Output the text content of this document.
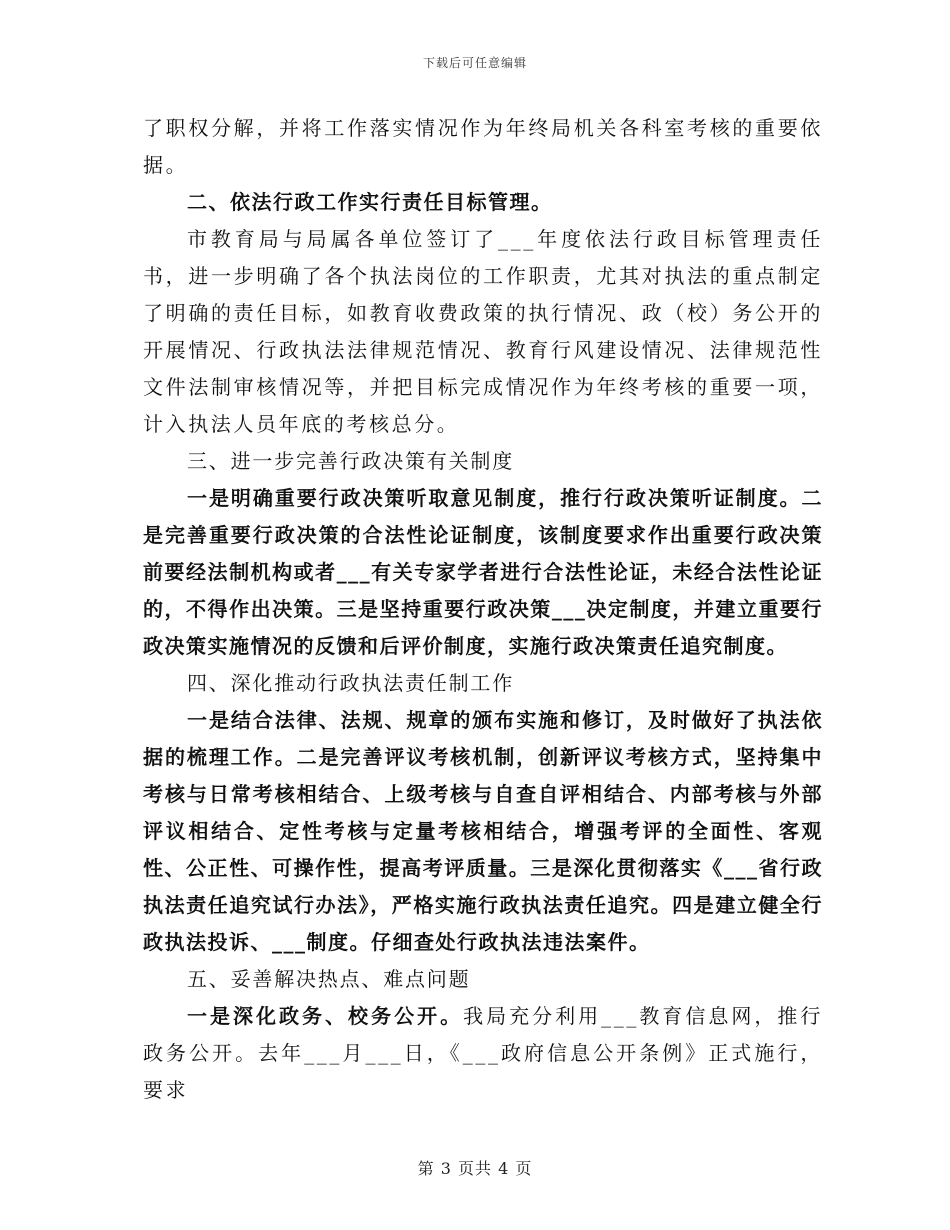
下载后可任意编辑

了职权分解，并将工作落实情况作为年终局机关各科室考核的重要依据。

二、依法行政工作实行责任目标管理。

市教育局与局属各单位签订了___年度依法行政目标管理责任书，进一步明确了各个执法岗位的工作职责，尤其对执法的重点制定了明确的责任目标，如教育收费政策的执行情况、政（校）务公开的开展情况、行政执法法律规范情况、教育行风建设情况、法律规范性文件法制审核情况等，并把目标完成情况作为年终考核的重要一项，计入执法人员年底的考核总分。

三、进一步完善行政决策有关制度

一是明确重要行政决策听取意见制度，推行行政决策听证制度。二是完善重要行政决策的合法性论证制度，该制度要求作出重要行政决策前要经法制机构或者___有关专家学者进行合法性论证，未经合法性论证的，不得作出决策。三是坚持重要行政决策___决定制度，并建立重要行政决策实施情况的反馈和后评价制度，实施行政决策责任追究制度。

四、深化推动行政执法责任制工作

一是结合法律、法规、规章的颁布实施和修订，及时做好了执法依据的梳理工作。二是完善评议考核机制，创新评议考核方式，坚持集中考核与日常考核相结合、上级考核与自查自评相结合、内部考核与外部评议相结合、定性考核与定量考核相结合，增强考评的全面性、客观性、公正性、可操作性，提高考评质量。三是深化贯彻落实《___省行政执法责任追究试行办法》，严格实施行政执法责任追究。四是建立健全行政执法投诉、___制度。仔细查处行政执法违法案件。

五、妥善解决热点、难点问题

一是深化政务、校务公开。我局充分利用___教育信息网，推行政务公开。去年___月___日，《___政府信息公开条例》正式施行，要求

第 3 页共 4 页
